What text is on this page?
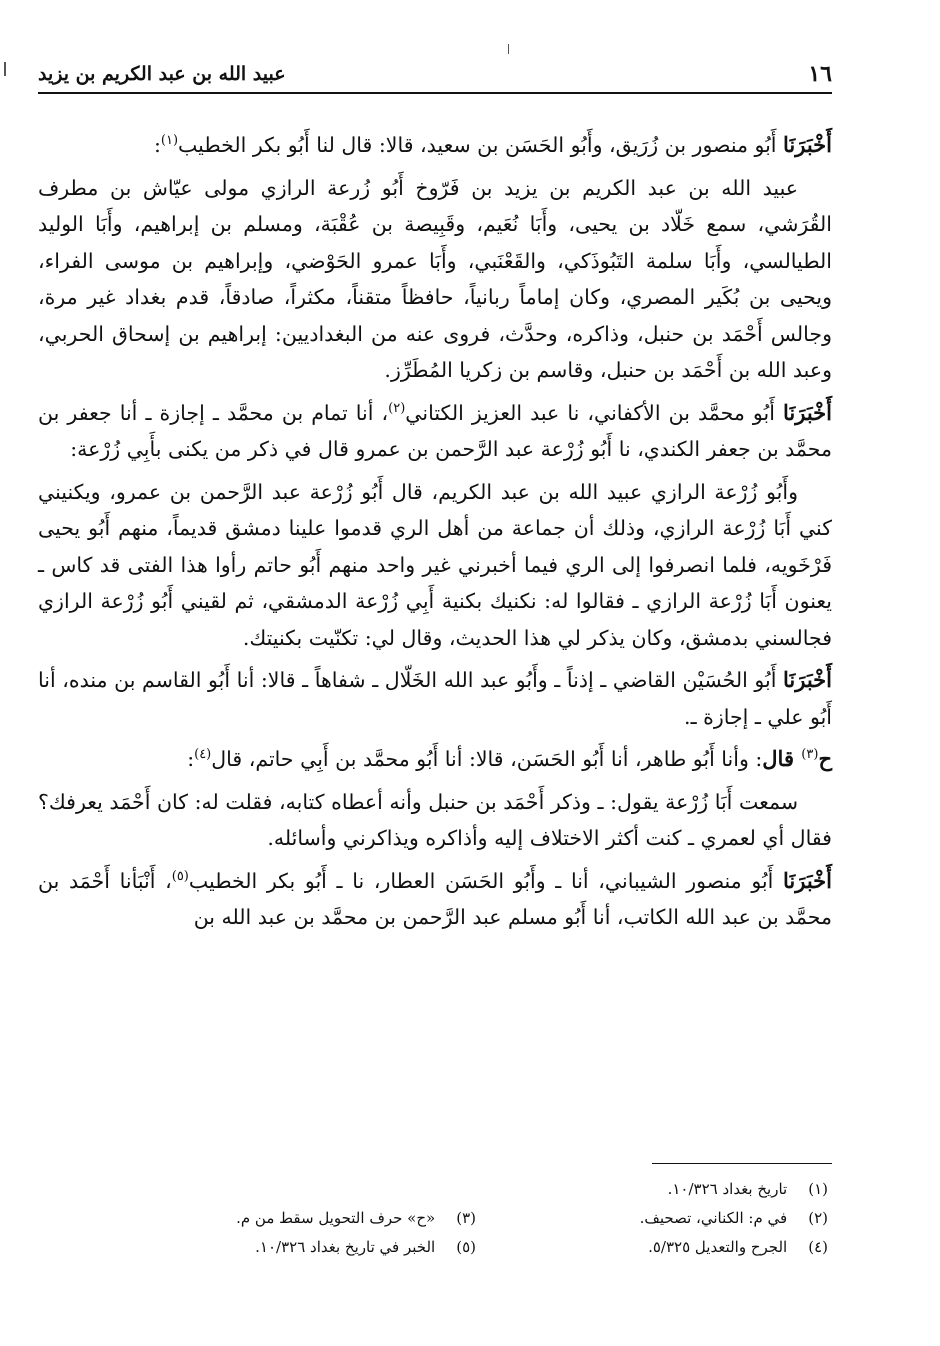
١٦
عبيد الله بن عبد الكريم بن يزيد

أَخْبَرَنَا أَبُو منصور بن زُرَيق، وأَبُو الحَسَن بن سعيد، قالا: قال لنا أَبُو بكر الخطيب$^{(١)}$:

عبيد الله بن عبد الكريم بن يزيد بن فَرّوخ أَبُو زُرعة الرازي مولى عيّاش بن مطرف القُرَشي، سمع خَلّاد بن يحيى، وأَبَا نُعَيم، وقَبِيصة بن عُقْبَة، ومسلم بن إبراهيم، وأَبَا الوليد الطيالسي، وأَبَا سلمة التَبُوذَكي، والقَعْنَبي، وأَبَا عمرو الحَوْضي، وإبراهيم بن موسى الفراء، ويحيى بن بُكَير المصري، وكان إماماً ربانياً، حافظاً متقناً، مكثراً، صادقاً، قدم بغداد غير مرة، وجالس أَحْمَد بن حنبل، وذاكره، وحدَّث، فروى عنه من البغداديين: إبراهيم بن إسحاق الحربي، وعبد الله بن أَحْمَد بن حنبل، وقاسم بن زكريا المُطَرِّز.

أَخْبَرَنَا أَبُو محمَّد بن الأكفاني، نا عبد العزيز الكتاني$^{(٢)}$، أنا تمام بن محمَّد ـ إجازة ـ أنا جعفر بن محمَّد بن جعفر الكندي، نا أَبُو زُرْعة عبد الرَّحمن بن عمرو قال في ذكر من يكنى بأَبِي زُرْعة:

وأَبُو زُرْعة الرازي عبيد الله بن عبد الكريم، قال أَبُو زُرْعة عبد الرَّحمن بن عمرو، ويكنيني كني أَبَا زُرْعة الرازي، وذلك أن جماعة من أهل الري قدموا علينا دمشق قديماً، منهم أَبُو يحيى فَرْخَويه، فلما انصرفوا إلى الري فيما أخبرني غير واحد منهم أَبُو حاتم رأوا هذا الفتى قد كاس ـ يعنون أَبَا زُرْعة الرازي ـ فقالوا له: نكنيك بكنية أَبِي زُرْعة الدمشقي، ثم لقيني أَبُو زُرْعة الرازي فجالسني بدمشق، وكان يذكر لي هذا الحديث، وقال لي: تكنّيت بكنيتك.

أَخْبَرَنَا أَبُو الحُسَيْن القاضي ـ إذناً ـ وأَبُو عبد الله الخَلّال ـ شفاهاً ـ قالا: أنا أَبُو القاسم بن منده، أنا أَبُو علي ـ إجازة ـ.

ح$^{(٣)}$ قال: وأنا أَبُو طاهر، أنا أَبُو الحَسَن، قالا: أنا أَبُو محمَّد بن أَبِي حاتم، قال$^{(٤)}$:

سمعت أَبَا زُرْعة يقول: ـ وذكر أَحْمَد بن حنبل وأنه أعطاه كتابه، فقلت له: كان أَحْمَد يعرفك؟ فقال أي لعمري ـ كنت أكثر الاختلاف إليه وأذاكره ويذاكرني وأسائله.

أَخْبَرَنَا أَبُو منصور الشيباني، أنا ـ وأَبُو الحَسَن العطار، نا ـ أَبُو بكر الخطيب$^{(٥)}$، أَنْبَأنا أَحْمَد بن محمَّد بن عبد الله الكاتب، أنا أَبُو مسلم عبد الرَّحمن بن محمَّد بن عبد الله بن

(١) تاريخ بغداد ١٠/٣٢٦.
(٢) في م: الكناني، تصحيف.
(٣) «ح» حرف التحويل سقط من م.
(٤) الجرح والتعديل ٥/٣٢٥.
(٥) الخبر في تاريخ بغداد ١٠/٣٢٦.
